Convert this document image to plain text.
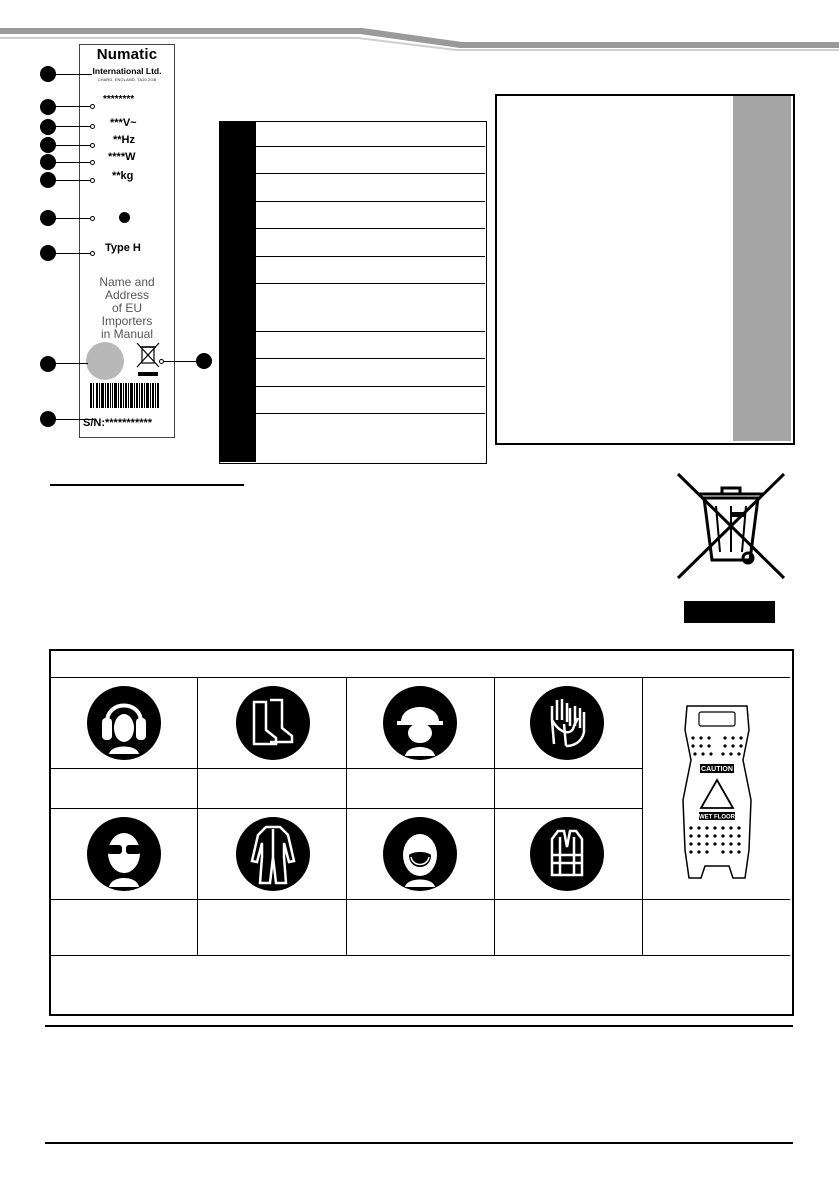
Numatic
International Ltd.
CHARD, ENGLAND, TA20 2GB
********
***V~
**Hz
****W
**kg
Type H
Name and
Address
of EU
Importers
in Manual
S/N:***********
CAUTION
WET FLOOR
